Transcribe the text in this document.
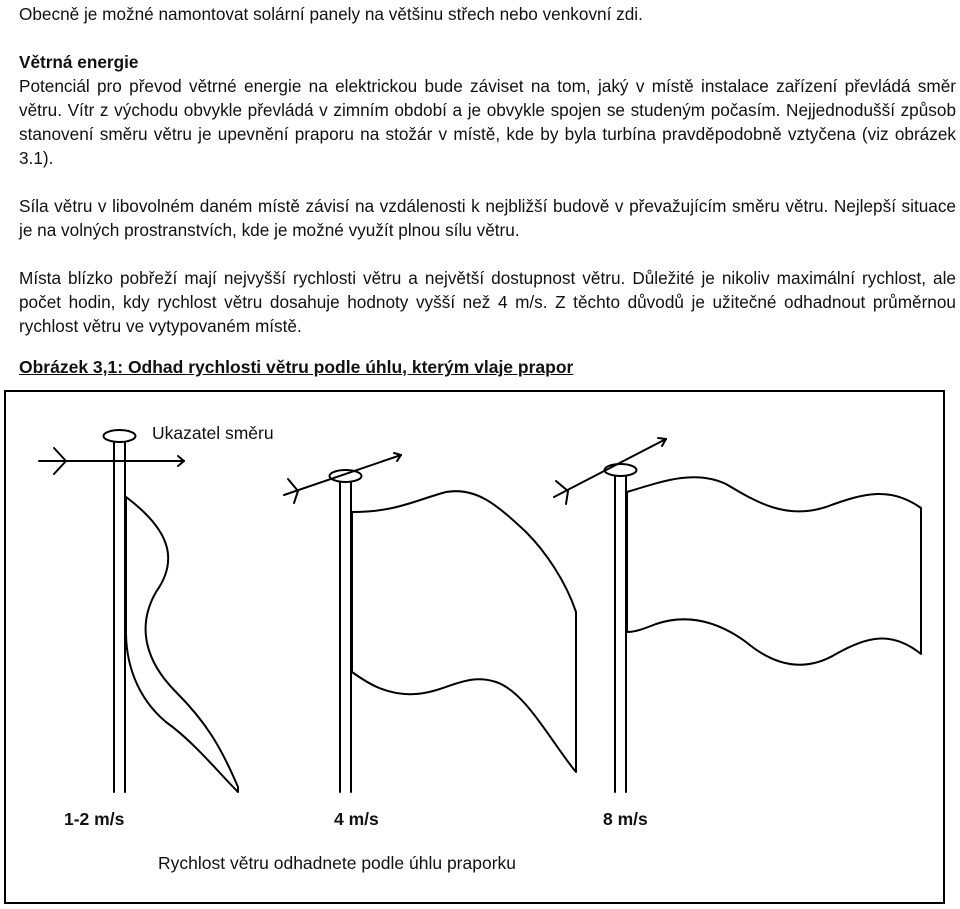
Obecně je možné namontovat solární panely na většinu střech nebo venkovní zdi.

Větrná energie

Potenciál pro převod větrné energie na elektrickou bude záviset na tom, jaký v místě instalace zařízení převládá směr větru. Vítr z východu obvykle převládá v zimním období a je obvykle spojen se studeným počasím. Nejjednodušší způsob stanovení směru větru je upevnění praporu na stožár v místě, kde by byla turbína pravděpodobně vztyčena (viz obrázek 3.1).

Síla větru v libovolném daném místě závisí na vzdálenosti k nejbližší budově v převažujícím směru větru. Nejlepší situace je na volných prostranstvích, kde je možné využít plnou sílu větru.

Místa blízko pobřeží mají nejvyšší rychlosti větru a největší dostupnost větru. Důležité je nikoliv maximální rychlost, ale počet hodin, kdy rychlost větru dosahuje hodnoty vyšší než 4 m/s. Z těchto důvodů je užitečné odhadnout průměrnou rychlost větru ve vytypovaném místě.

Obrázek 3,1: Odhad rychlosti větru podle úhlu, kterým vlaje prapor

Ukazatel směru
1-2 m/s	4 m/s	8 m/s
Rychlost větru odhadnete podle úhlu praporku
